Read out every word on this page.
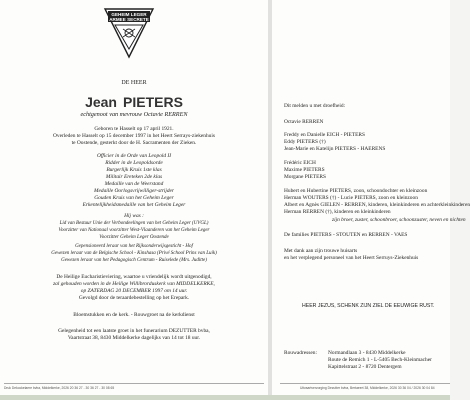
GEHEIM LEGER
ARMEE SECRETE
DE HEER
Jean PIETERS
echtgenoot van mevrouw Octavie RERREN
Geboren te Hasselt op 17 april 1921.
Overleden te Hasselt op 15 december 1997 in het Heert Serrays-ziekenhuis
te Oostende, gesterkt door de H. Sacramenten der Zieken.
Officier in de Orde van Leopold II
Ridder in de Leopoldsorde
Burgerlijk Kruis 1ste klas
Militair Ereteken 2de klas
Medaille van de Weerstand
Medaille Oorlogsvrijwilliger-strijder
Gouden Kruis van het Geheim Leger
Erkentelijkheidsmedaille van het Geheim Leger
Hij was :
Lid van Bestuur Unie der Verbondeelingen van het Geheim Leger (UVGL)
Voorzitter van Nationaal voorzitter West-Vlaanderen van het Geheim Leger
Voorzitter Geheim Leger Oostende
Gepensioneerd leraar van het Rijksonderwijsgesticht - Hof
Gewezen leraar van de Belgische School - Kinshasa (Privé School Prins van Luik)
Gewezen leraar van het Pedagogisch Centrum - Ruiselede (Mrs. Juditte)
De Heilige Eucharistieviering, waartoe u vriendelijk wordt uitgenodigd,
zal gehouden worden in de Heilige Willibrorduskerk van MIDDELKERKE,
op ZATERDAG 20 DECEMBER 1997 om 14 uur.
Gevolgd door de teraardebestelling op het Erepark.
Bloemstukken en de kerk. - Rouwgroet na de kerkdienst
Gelegenheid tot een laatste groet in het funerarium DEZUTTER bvba,
Vaartstraat 38, 8430 Middelkerke dagelijks van 14 tot 18 uur.
Druk Dekockelaere bvba, Middelkerke, 2026 20 36 27 - 30 36 27 - 30 08 65
Dit melden u met droefheid:
Octavie RERREN
Freddy en Danielle EICH - PIETERS
Eddy PIETERS (†)
Jean-Marie en Katelijn PIETERS - HAERENS
Frédéric EICH
Maxime PIETERS
Morgane PIETERS
Hubert en Hubertine PIETERS, zoon, schoondochter en kleinzoon
Herman WOUTERS (†) - Lucie PIETERS, zoon en kleinzoon
Albert en Agnès GIELEN - RERREN, kinderen, kleinkinderen en achterkleinkinderen
Herman RERREN (†), kinderen en kleinkinderen
zijn broer, zuster, schoonbroer, schoonzuster, neven en nichten
De families PIETERS - STOUTEN en RERREN - VAES
Met dank aan zijn trouwe huisarts
en het verplegend personeel van het Heert Serruys-Ziekenhuis
HEER JEZUS, SCHENK ZIJN ZIEL DE EEUWIGE RUST.
Rouwadressen: Normandlaan 3 - 8430 Middelkerke
Route de Remich 1 - L-5405 Bech-Kleinmacher
Kapittelstraat 2 - 8720 Dentergem
Uitvaartverzorging Dezutter bvba, Bertaeert 38, Middelkerke, 2026 30 36 04 / 2026 30 04 84
